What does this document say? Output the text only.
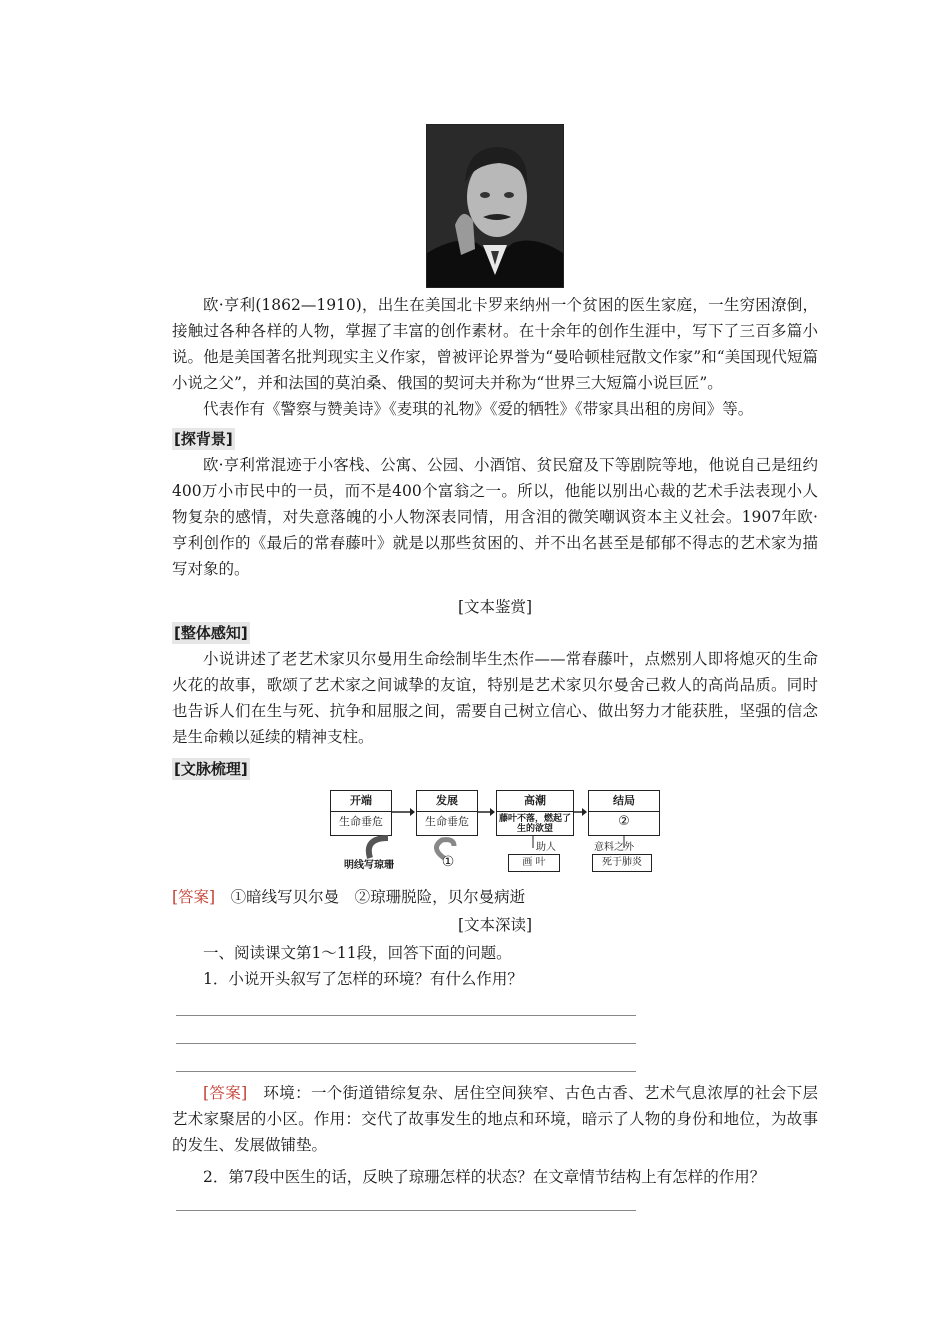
欧·亨利(1862—1910)，出生在美国北卡罗来纳州一个贫困的医生家庭，一生穷困潦倒，接触过各种各样的人物，掌握了丰富的创作素材。在十余年的创作生涯中，写下了三百多篇小说。他是美国著名批判现实主义作家，曾被评论界誉为“曼哈顿桂冠散文作家”和“美国现代短篇小说之父”，并和法国的莫泊桑、俄国的契诃夫并称为“世界三大短篇小说巨匠”。

代表作有《警察与赞美诗》《麦琪的礼物》《爱的牺牲》《带家具出租的房间》等。

[探背景]

欧·亨利常混迹于小客栈、公寓、公园、小酒馆、贫民窟及下等剧院等地，他说自己是纽约400万小市民中的一员，而不是400个富翁之一。所以，他能以别出心裁的艺术手法表现小人物复杂的感情，对失意落魄的小人物深表同情，用含泪的微笑嘲讽资本主义社会。1907年欧·亨利创作的《最后的常春藤叶》就是以那些贫困的、并不出名甚至是郁郁不得志的艺术家为描写对象的。

[文本鉴赏]

[整体感知]

小说讲述了老艺术家贝尔曼用生命绘制毕生杰作——常春藤叶，点燃别人即将熄灭的生命火花的故事，歌颂了艺术家之间诚挚的友谊，特别是艺术家贝尔曼舍己救人的高尚品质。同时也告诉人们在生与死、抗争和屈服之间，需要自己树立信心、做出努力才能获胜，坚强的信念是生命赖以延续的精神支柱。

[文脉梳理]
开端
生命垂危
发展
生命垂危
高潮
藤叶不落，燃起了生的欲望
结局
②
明线写琼珊	①
助人
画 叶
意料之外
死于肺炎

[答案]　 ①暗线写贝尔曼　②琼珊脱险，贝尔曼病逝

[文本深读]

一、阅读课文第1～11段，回答下面的问题。

1．小说开头叙写了怎样的环境？有什么作用？

[答案]　 环境：一个街道错综复杂、居住空间狭窄、古色古香、艺术气息浓厚的社会下层艺术家聚居的小区。作用：交代了故事发生的地点和环境，暗示了人物的身份和地位，为故事的发生、发展做铺垫。

2．第7段中医生的话，反映了琼珊怎样的状态？在文章情节结构上有怎样的作用？
